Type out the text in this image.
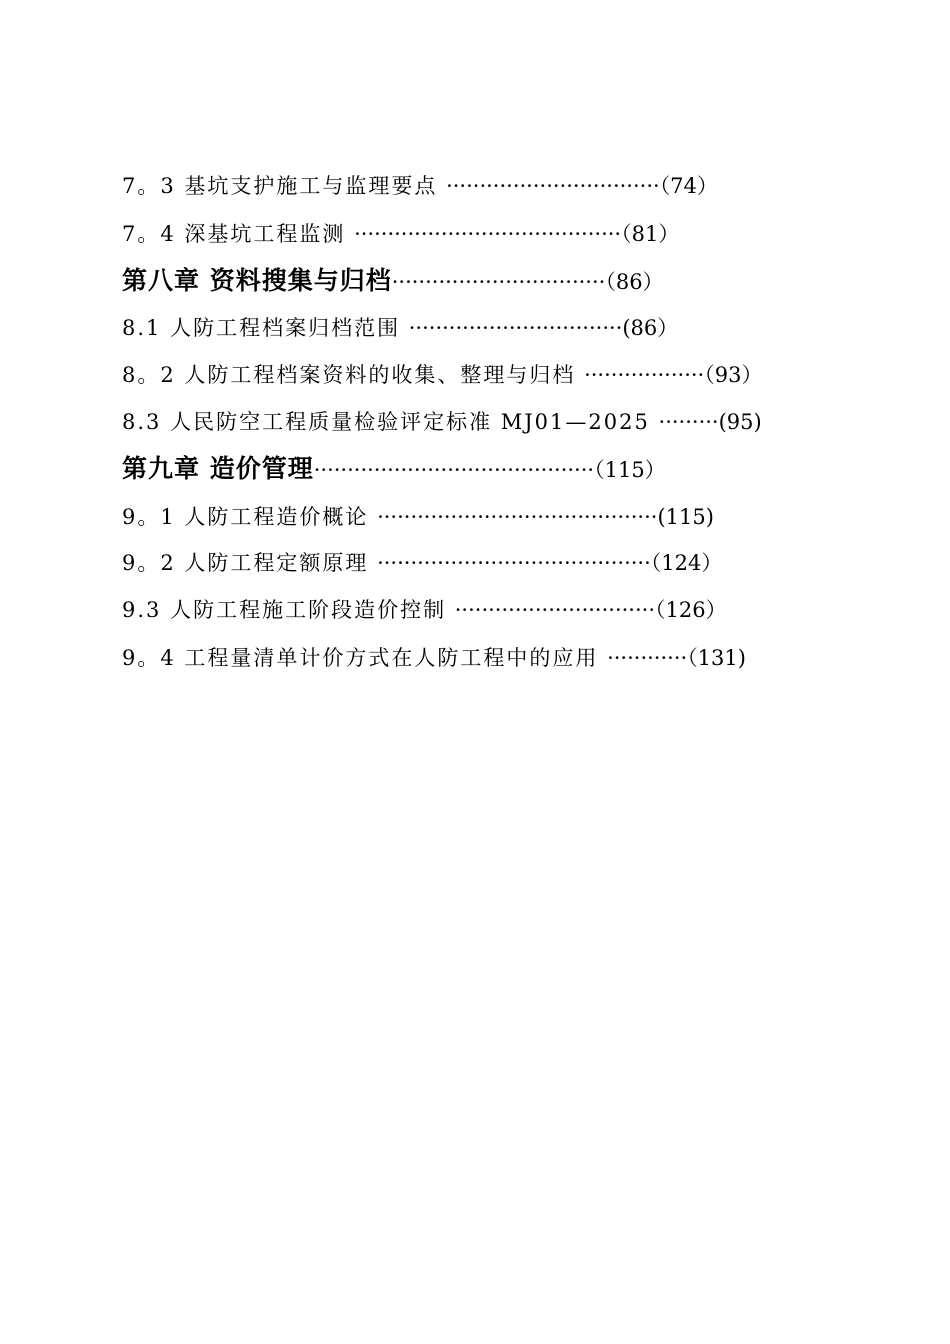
7。3 基坑支护施工与监理要点 ································（74）
7。4 深基坑工程监测 ········································（81）
第八章 资料搜集与归档································（86）
8.1 人防工程档案归档范围 ································(86）
8。2 人防工程档案资料的收集、整理与归档 ··················（93）
8.3 人民防空工程质量检验评定标准 MJ01—2025 ·········(95)
第九章 造价管理··········································（115）
9。1 人防工程造价概论 ··········································(115)
9。2 人防工程定额原理 ·········································（124）
9.3 人防工程施工阶段造价控制 ······························（126）
9。4 工程量清单计价方式在人防工程中的应用 ············（131)
